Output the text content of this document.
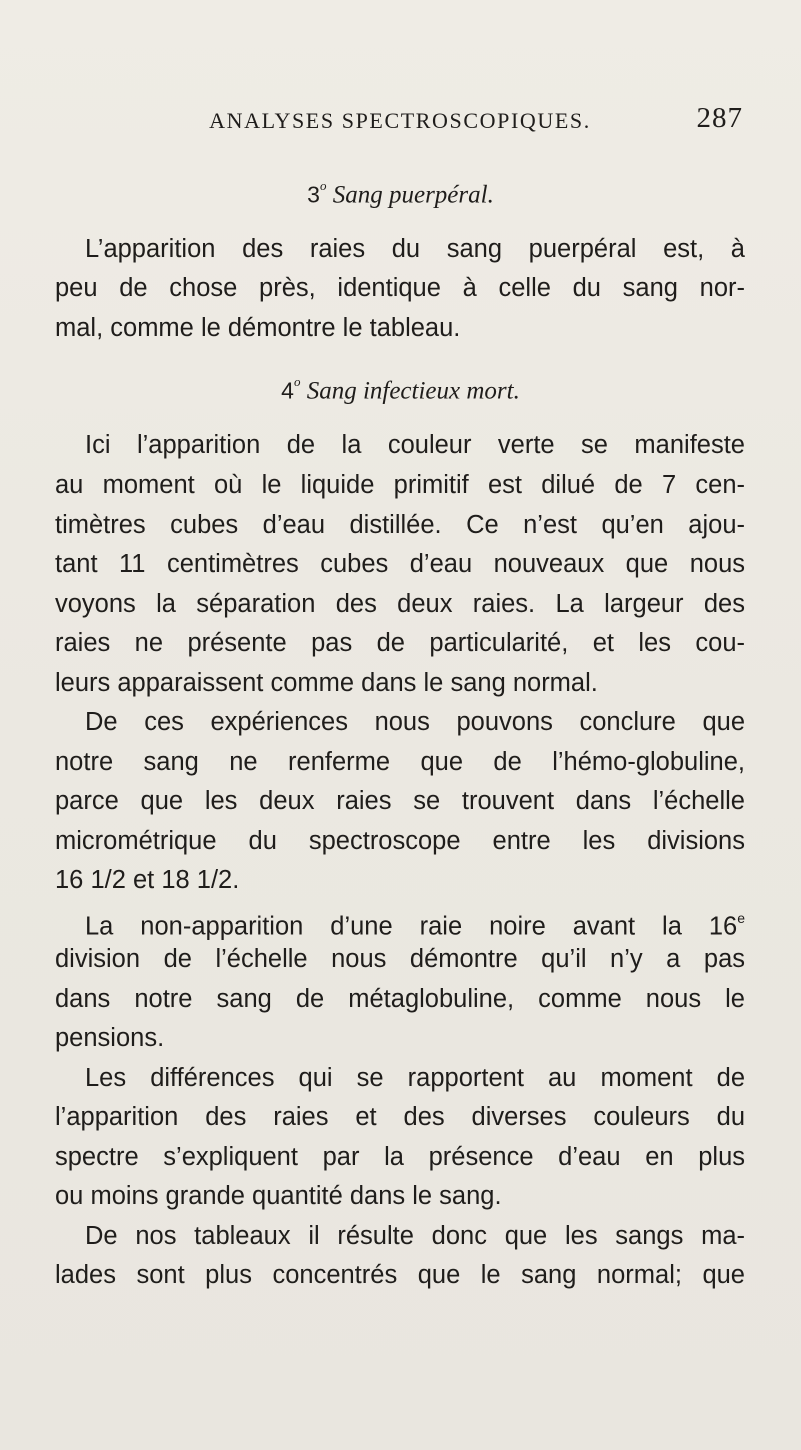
ANALYSES SPECTROSCOPIQUES.	287
3$^o$ Sang puerpéral.
L’apparition des raies du sang puerpéral est, à
peu de chose près, identique à celle du sang nor-
mal, comme le démontre le tableau.
4$^o$ Sang infectieux mort.
Ici l’apparition de la couleur verte se manifeste
au moment où le liquide primitif est dilué de 7 cen-
timètres cubes d’eau distillée. Ce n’est qu’en ajou-
tant 11 centimètres cubes d’eau nouveaux que nous
voyons la séparation des deux raies. La largeur des
raies ne présente pas de particularité, et les cou-
leurs apparaissent comme dans le sang normal.
De ces expériences nous pouvons conclure que
notre sang ne renferme que de l’hémo-globuline,
parce que les deux raies se trouvent dans l’échelle
micrométrique du spectroscope entre les divisions
16 1/2 et 18 1/2.
La non-apparition d’une raie noire avant la 16e
division de l’échelle nous démontre qu’il n’y a pas
dans notre sang de métaglobuline, comme nous le
pensions.
Les différences qui se rapportent au moment de
l’apparition des raies et des diverses couleurs du
spectre s’expliquent par la présence d’eau en plus
ou moins grande quantité dans le sang.
De nos tableaux il résulte donc que les sangs ma-
lades sont plus concentrés que le sang normal; que
